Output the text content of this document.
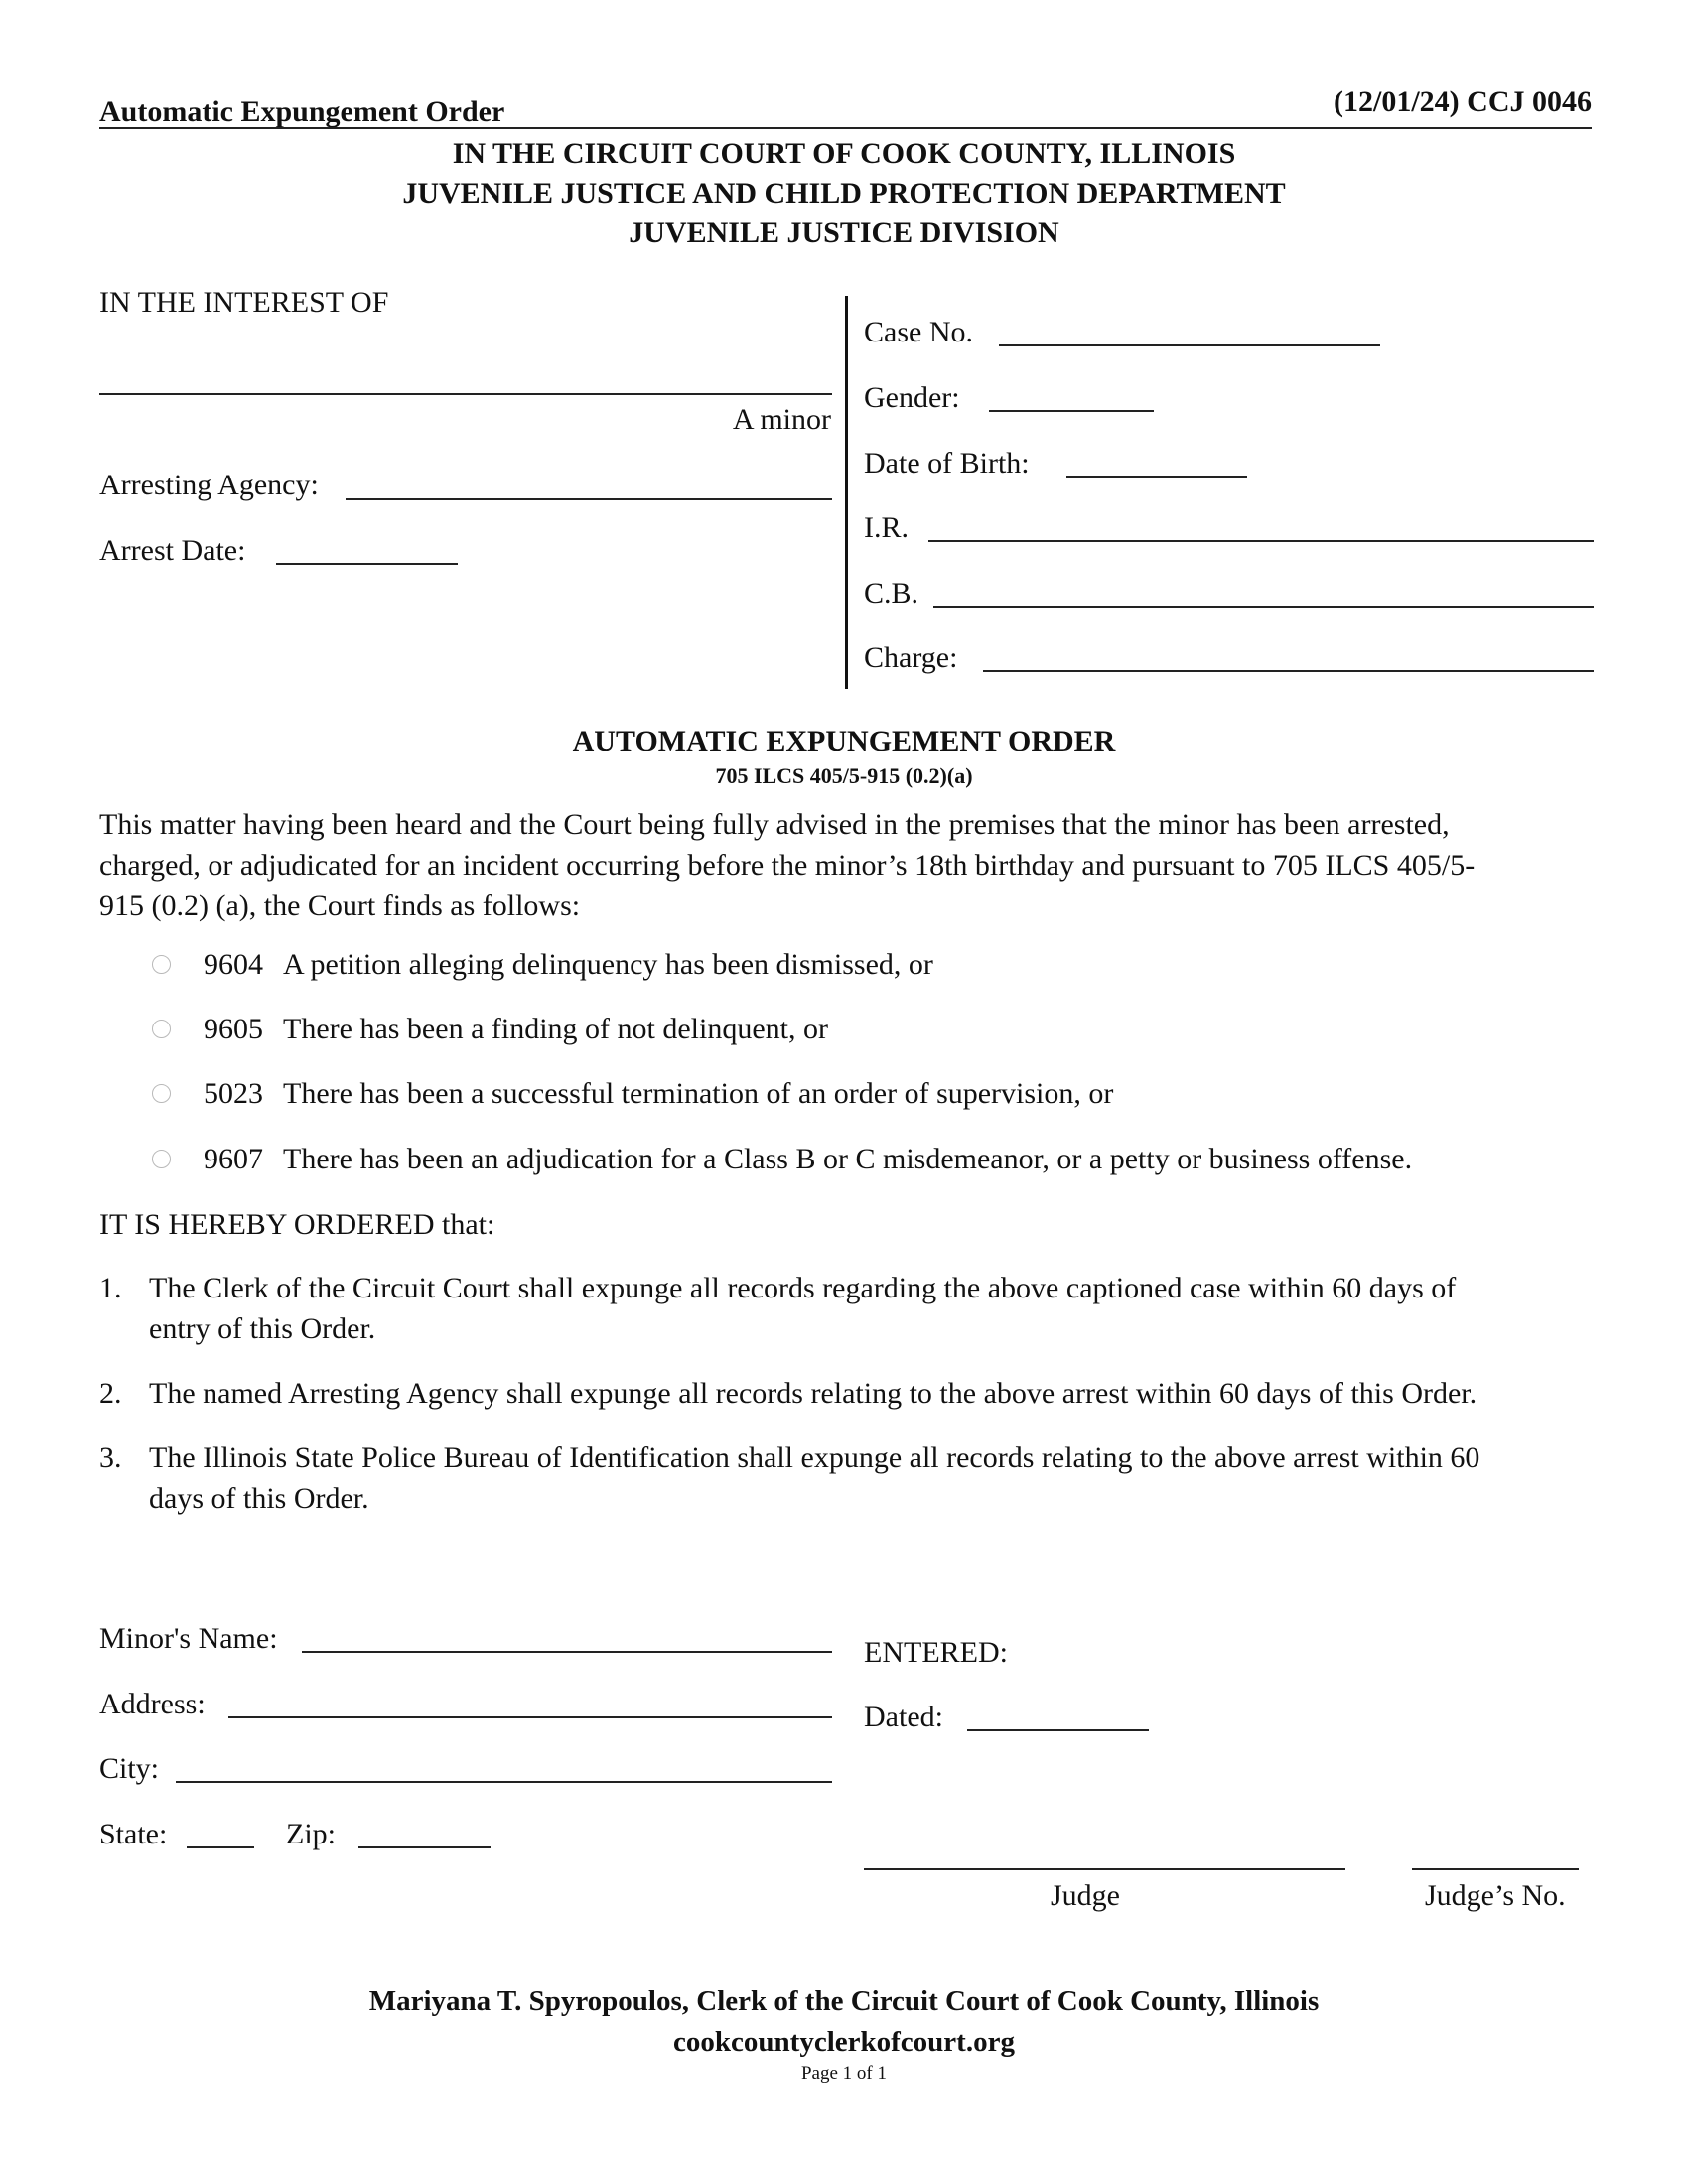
Automatic Expungement Order	(12/01/24) CCJ 0046
IN THE CIRCUIT COURT OF COOK COUNTY, ILLINOIS
JUVENILE JUSTICE AND CHILD PROTECTION DEPARTMENT
JUVENILE JUSTICE DIVISION
IN THE INTEREST OF
A minor
Arresting Agency:
Arrest Date:
Case No.
Gender:
Date of Birth:
I.R.
C.B.
Charge:
AUTOMATIC EXPUNGEMENT ORDER
705 ILCS 405/5-915 (0.2)(a)
This matter having been heard and the Court being fully advised in the premises that the minor has been arrested,
charged, or adjudicated for an incident occurring before the minor’s 18th birthday and pursuant to 705 ILCS 405/5-
915 (0.2) (a), the Court finds as follows:
9604 A petition alleging delinquency has been dismissed, or
9605 There has been a finding of not delinquent, or
5023 There has been a successful termination of an order of supervision, or
9607 There has been an adjudication for a Class B or C misdemeanor, or a petty or business offense.
IT IS HEREBY ORDERED that:
1. The Clerk of the Circuit Court shall expunge all records regarding the above captioned case within 60 days of
entry of this Order.
2. The named Arresting Agency shall expunge all records relating to the above arrest within 60 days of this Order.
3. The Illinois State Police Bureau of Identification shall expunge all records relating to the above arrest within 60
days of this Order.
Minor's Name:
Address:
City:
State:	Zip:
ENTERED:
Dated:
Judge	Judge’s No.
Mariyana T. Spyropoulos, Clerk of the Circuit Court of Cook County, Illinois
cookcountyclerkofcourt.org
Page 1 of 1
